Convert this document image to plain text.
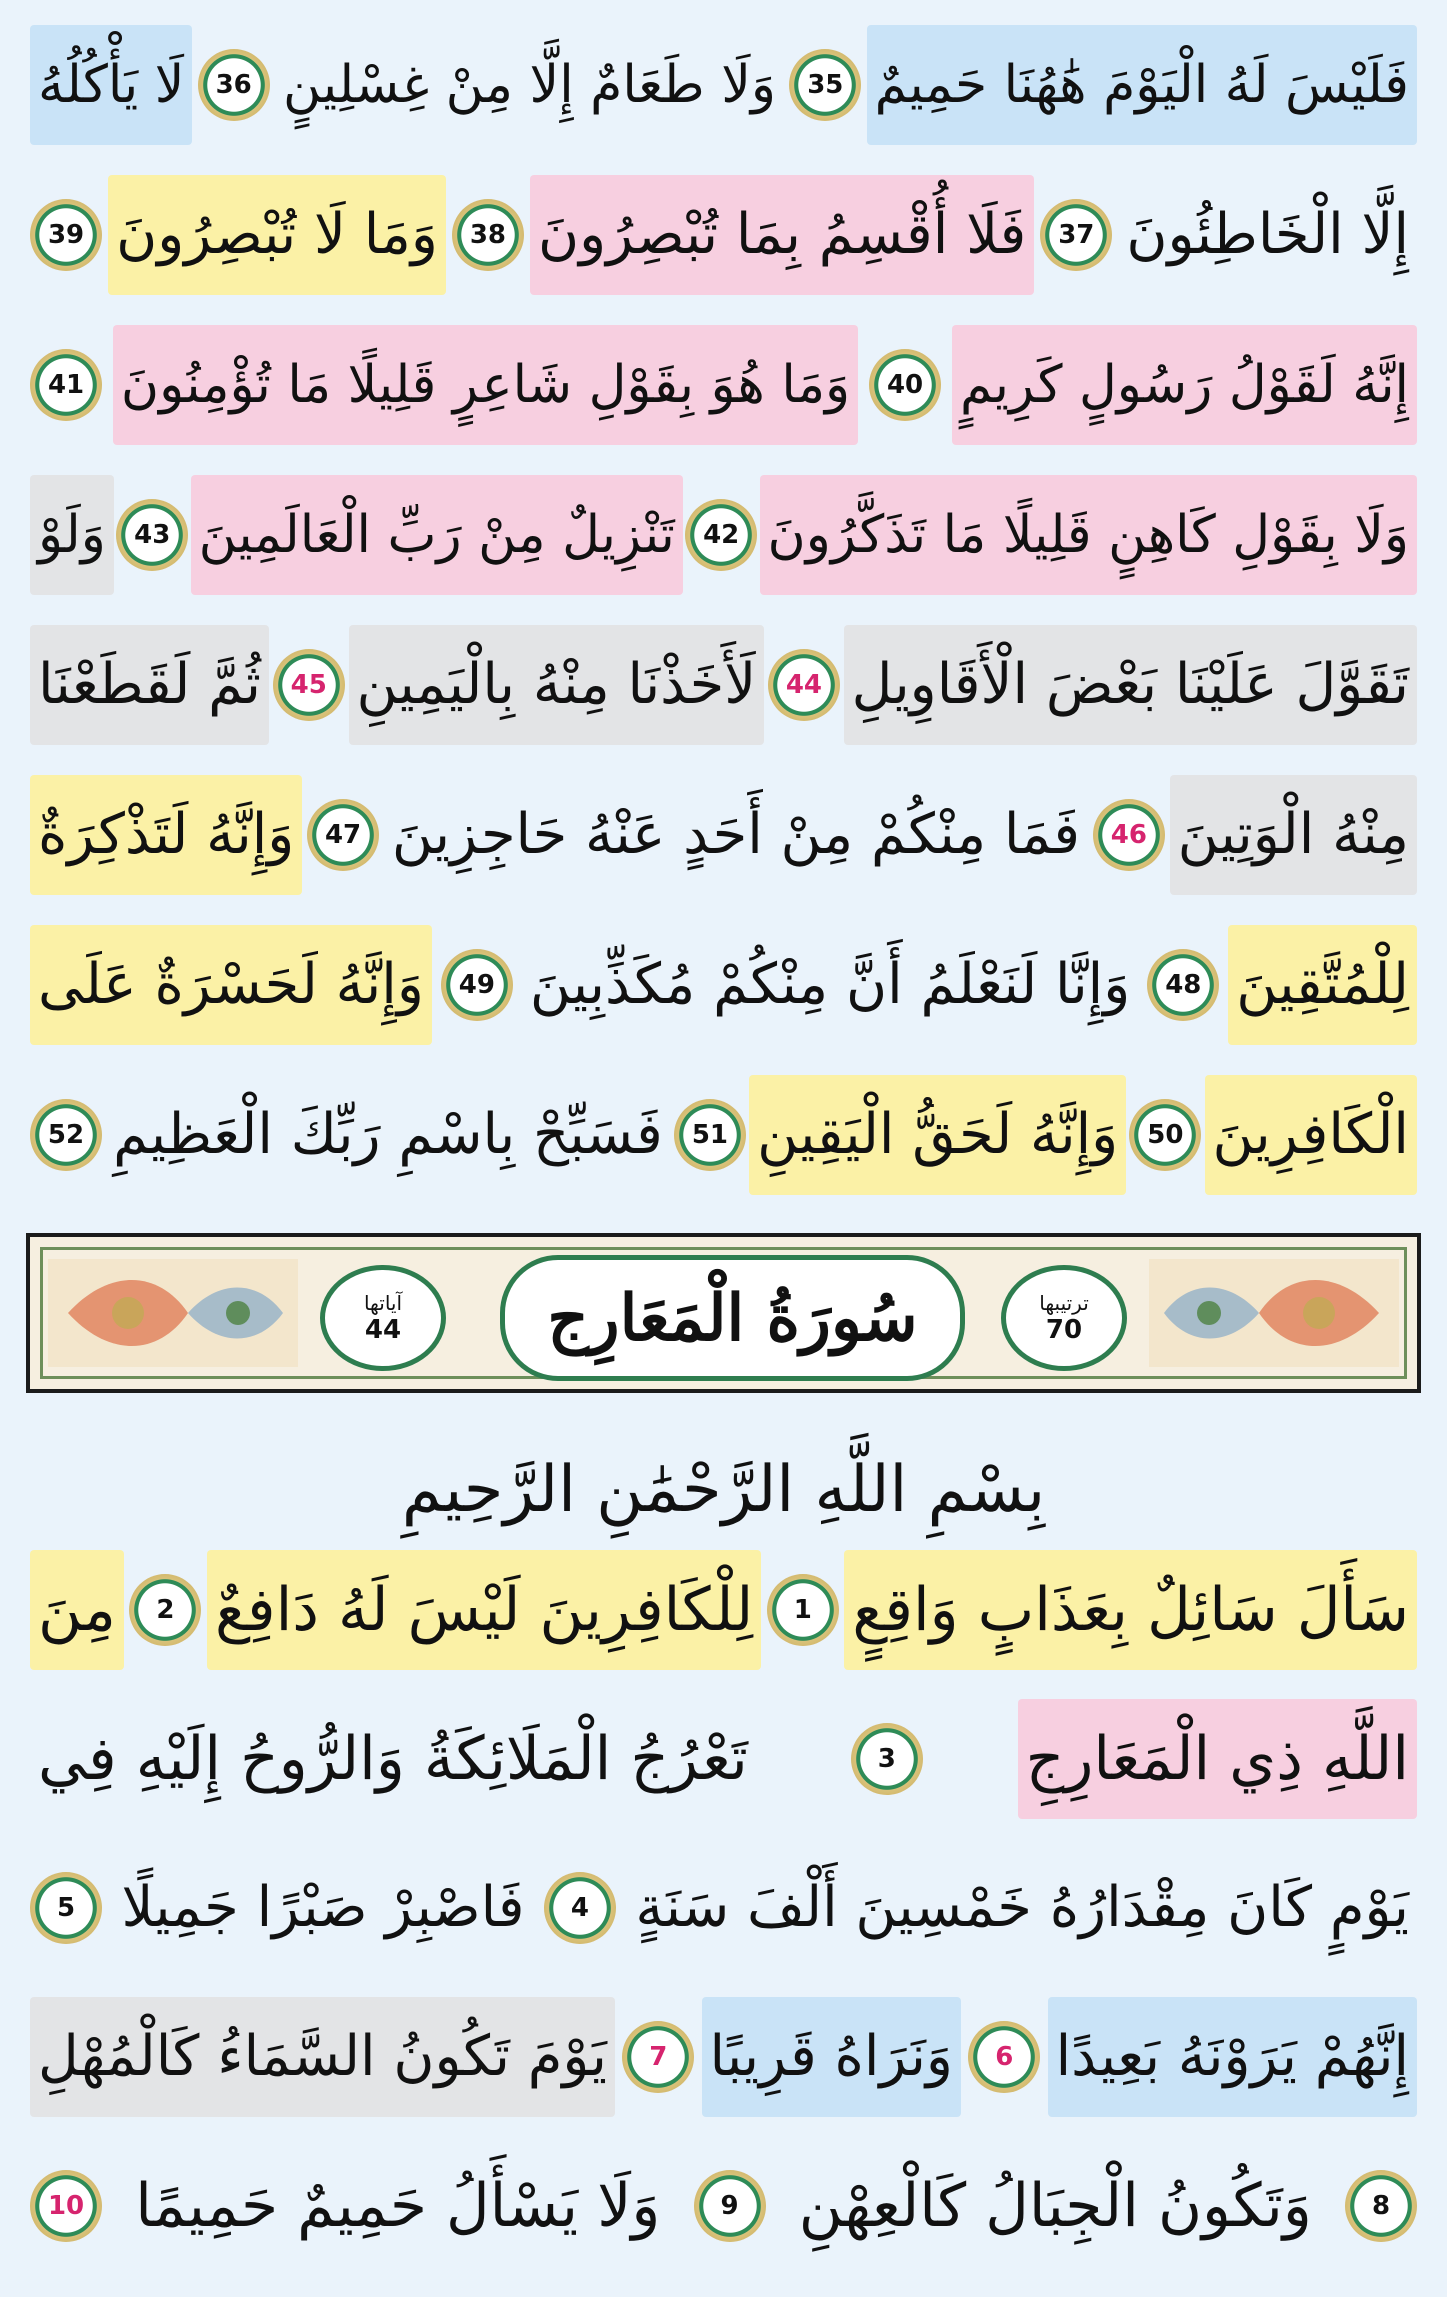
فَلَيْسَ لَهُ الْيَوْمَ هَٰهُنَا حَمِيمٌ
35
وَلَا طَعَامٌ إِلَّا مِنْ غِسْلِينٍ
36
لَا يَأْكُلُهُ
إِلَّا الْخَاطِئُونَ
37
فَلَا أُقْسِمُ بِمَا تُبْصِرُونَ
38
وَمَا لَا تُبْصِرُونَ
39
إِنَّهُ لَقَوْلُ رَسُولٍ كَرِيمٍ
40
وَمَا هُوَ بِقَوْلِ شَاعِرٍ قَلِيلًا مَا تُؤْمِنُونَ
41
وَلَا بِقَوْلِ كَاهِنٍ قَلِيلًا مَا تَذَكَّرُونَ
42
تَنْزِيلٌ مِنْ رَبِّ الْعَالَمِينَ
43
وَلَوْ
تَقَوَّلَ عَلَيْنَا بَعْضَ الْأَقَاوِيلِ
44
لَأَخَذْنَا مِنْهُ بِالْيَمِينِ
45
ثُمَّ لَقَطَعْنَا
مِنْهُ الْوَتِينَ
46
فَمَا مِنْكُمْ مِنْ أَحَدٍ عَنْهُ حَاجِزِينَ
47
وَإِنَّهُ لَتَذْكِرَةٌ
لِلْمُتَّقِينَ
48
وَإِنَّا لَنَعْلَمُ أَنَّ مِنْكُمْ مُكَذِّبِينَ
49
وَإِنَّهُ لَحَسْرَةٌ عَلَى
الْكَافِرِينَ
50
وَإِنَّهُ لَحَقُّ الْيَقِينِ
51
فَسَبِّحْ بِاسْمِ رَبِّكَ الْعَظِيمِ
52
ترتيبها
70
سُورَةُ الْمَعَارِج
آياتها
44
بِسْمِ اللَّهِ الرَّحْمَٰنِ الرَّحِيمِ
سَأَلَ سَائِلٌ بِعَذَابٍ وَاقِعٍ
1
لِلْكَافِرِينَ لَيْسَ لَهُ دَافِعٌ
2
مِنَ
اللَّهِ ذِي الْمَعَارِجِ
3
تَعْرُجُ الْمَلَائِكَةُ وَالرُّوحُ إِلَيْهِ فِي
يَوْمٍ كَانَ مِقْدَارُهُ خَمْسِينَ أَلْفَ سَنَةٍ
4
فَاصْبِرْ صَبْرًا جَمِيلًا
5
إِنَّهُمْ يَرَوْنَهُ بَعِيدًا
6
وَنَرَاهُ قَرِيبًا
7
يَوْمَ تَكُونُ السَّمَاءُ كَالْمُهْلِ
8
وَتَكُونُ الْجِبَالُ كَالْعِهْنِ
9
وَلَا يَسْأَلُ حَمِيمٌ حَمِيمًا
10
